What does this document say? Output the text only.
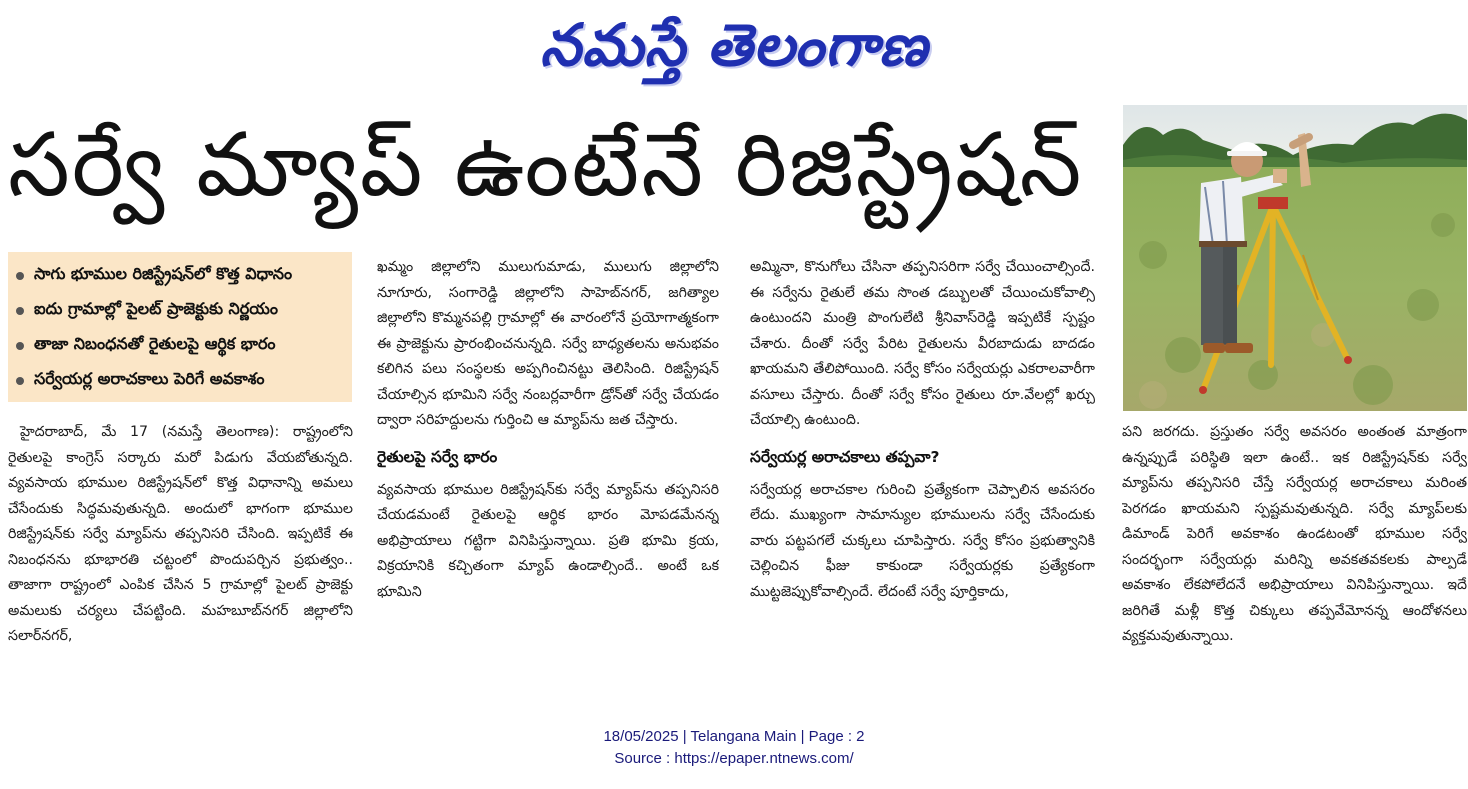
నమస్తే తెలంగాణ
సర్వే మ్యాప్ ఉంటేనే రిజిస్ట్రేషన్
సాగు భూముల రిజిస్ట్రేషన్‌లో కొత్త విధానం
ఐదు గ్రామాల్లో పైలట్ ప్రాజెక్టుకు నిర్ణయం
తాజా నిబంధనతో రైతులపై ఆర్థిక భారం
సర్వేయర్ల అరాచకాలు పెరిగే అవకాశం

హైదరాబాద్, మే 17 (నమస్తే తెలంగాణ): రాష్ట్రంలోని రైతులపై కాంగ్రెస్ సర్కారు మరో పిడుగు వేయబోతున్నది. వ్యవసాయ భూముల రిజిస్ట్రేషన్‌లో కొత్త విధానాన్ని అమలు చేసేందుకు సిద్ధమవుతున్నది. అందులో భాగంగా భూముల రిజిస్ట్రేషన్‌కు సర్వే మ్యాప్‌ను తప్పనిసరి చేసింది. ఇప్పటికే ఈ నిబంధనను భూభారతి చట్టంలో పొందుపర్చిన ప్రభుత్వం.. తాజాగా రాష్ట్రంలో ఎంపిక చేసిన 5 గ్రామాల్లో పైలట్ ప్రాజెక్టు అమలుకు చర్యలు చేపట్టింది. మహబూబ్‌నగర్ జిల్లాలోని సలార్‌నగర్,

ఖమ్మం జిల్లాలోని ములుగుమాడు, ములుగు జిల్లాలోని నూగూరు, సంగారెడ్డి జిల్లాలోని సాహెబ్‌నగర్, జగిత్యాల జిల్లాలోని కొమ్మనపల్లి గ్రామాల్లో ఈ వారంలోనే ప్రయోగాత్మకంగా ఈ ప్రాజెక్టును ప్రారంభించనున్నది. సర్వే బాధ్యతలను అనుభవం కలిగిన పలు సంస్థలకు అప్పగించినట్టు తెలిసింది. రిజిస్ట్రేషన్ చేయాల్సిన భూమిని సర్వే నంబర్లవారీగా డ్రోన్‌తో సర్వే చేయడం ద్వారా సరిహద్దులను గుర్తించి ఆ మ్యాప్‌ను జత చేస్తారు.

రైతులపై సర్వే భారం

వ్యవసాయ భూముల రిజిస్ట్రేషన్‌కు సర్వే మ్యాప్‌ను తప్పనిసరి చేయడమంటే రైతులపై ఆర్థిక భారం మోపడమేనన్న అభిప్రాయాలు గట్టిగా వినిపిస్తున్నాయి. ప్రతి భూమి క్రయ, విక్రయానికి కచ్చితంగా మ్యాప్ ఉండాల్సిందే.. అంటే ఒక భూమిని

అమ్మినా, కొనుగోలు చేసినా తప్పనిసరిగా సర్వే చేయించాల్సిందే. ఈ సర్వేను రైతులే తమ సొంత డబ్బులతో చేయించుకోవాల్సి ఉంటుందని మంత్రి పొంగులేటి శ్రీనివాస్‌రెడ్డి ఇప్పటికే స్పష్టం చేశారు. దీంతో సర్వే పేరిట రైతులను వీరబాదుడు బాదడం ఖాయమని తేలిపోయింది. సర్వే కోసం సర్వేయర్లు ఎకరాలవారీగా వసూలు చేస్తారు. దీంతో సర్వే కోసం రైతులు రూ.వేలల్లో ఖర్చు చేయాల్సి ఉంటుంది.

సర్వేయర్ల అరాచకాలు తప్పవా?

సర్వేయర్ల అరాచకాల గురించి ప్రత్యేకంగా చెప్పాలిన అవసరం లేదు. ముఖ్యంగా సామాన్యుల భూములను సర్వే చేసేందుకు వారు పట్టపగలే చుక్కలు చూపిస్తారు. సర్వే కోసం ప్రభుత్వానికి చెల్లించిన ఫీజు కాకుండా సర్వేయర్లకు ప్రత్యేకంగా ముట్టజెప్పుకోవాల్సిందే. లేదంటే సర్వే పూర్తికాదు,

పని జరగదు. ప్రస్తుతం సర్వే అవసరం అంతంత మాత్రంగా ఉన్నప్పుడే పరిస్థితి ఇలా ఉంటే.. ఇక రిజిస్ట్రేషన్‌కు సర్వే మ్యాప్‌ను తప్పనిసరి చేస్తే సర్వేయర్ల అరాచకాలు మరింత పెరగడం ఖాయమని స్పష్టమవుతున్నది. సర్వే మ్యాప్‌లకు డిమాండ్ పెరిగే అవకాశం ఉండటంతో భూముల సర్వే సందర్భంగా సర్వేయర్లు మరిన్ని అవకతవకలకు పాల్పడే అవకాశం లేకపోలేదనే అభిప్రాయాలు వినిపిస్తున్నాయి. ఇదే జరిగితే మళ్లీ కొత్త చిక్కులు తప్పవేమోనన్న ఆందోళనలు వ్యక్తమవుతున్నాయి.

18/05/2025 | Telangana Main | Page : 2
Source : https://epaper.ntnews.com/
